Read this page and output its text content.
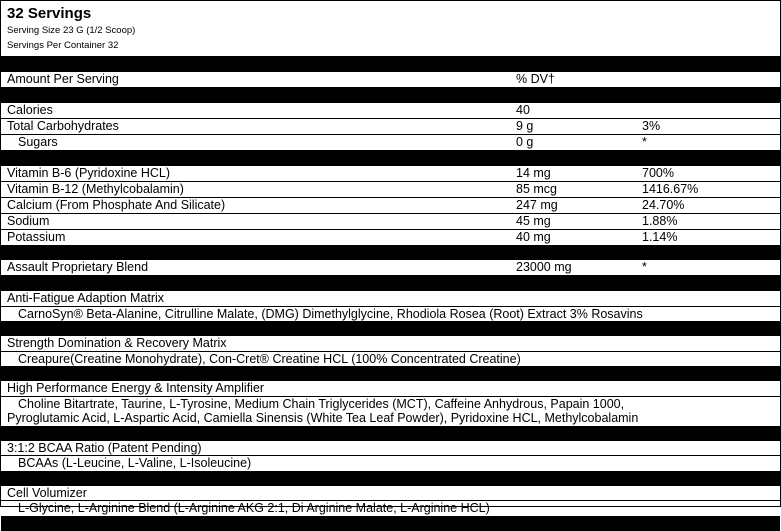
32 Servings
Serving Size 23 G (1/2 Scoop)
Servings Per Container 32
Amount Per Serving	% DV†
Calories	40
Total Carbohydrates	9 g	3%
Sugars	0 g	*
Vitamin B-6 (Pyridoxine HCL)	14 mg	700%
Vitamin B-12 (Methylcobalamin)	85 mcg	1416.67%
Calcium (From Phosphate And Silicate)	247 mg	24.70%
Sodium	45 mg	1.88%
Potassium	40 mg	1.14%
Assault Proprietary Blend	23000 mg	*
Anti-Fatigue Adaption Matrix
CarnoSyn® Beta-Alanine, Citrulline Malate, (DMG) Dimethylglycine, Rhodiola Rosea (Root) Extract 3% Rosavins
Strength Domination & Recovery Matrix
Creapure(Creatine Monohydrate), Con-Cret® Creatine HCL (100% Concentrated Creatine)
High Performance Energy & Intensity Amplifier
Choline Bitartrate, Taurine, L-Tyrosine, Medium Chain Triglycerides (MCT), Caffeine Anhydrous, Papain 1000,
Pyroglutamic Acid, L-Aspartic Acid, Camiella Sinensis (White Tea Leaf Powder), Pyridoxine HCL, Methylcobalamin
3:1:2 BCAA Ratio (Patent Pending)
BCAAs (L-Leucine, L-Valine, L-Isoleucine)
Cell Volumizer
L-Glycine, L-Arginine Blend (L-Arginine AKG 2:1, Di Arginine Malate, L-Arginine HCL)
